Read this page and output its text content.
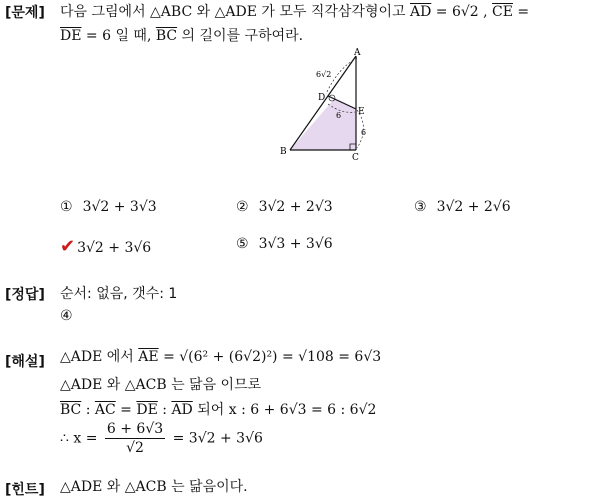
[문제] 다음 그림에서 △ABC 와 △ADE 가 모두 직각삼각형이고 $\overline{AD} = 6√2$ , $\overline{CE}$ =
$\overline{DE} = 6$ 일 때, $\overline{BC}$ 의 길이를 구하여라.
A
B
C
D
E
6√2
6
6
① 3√2 + 3√3	② 3√2 + 2√3	③ 3√2 + 2√6
✔ 3√2 + 3√6	⑤ 3√3 + 3√6
[정답] 순서: 없음, 갯수: 1
④
[해설] △ADE 에서 $\overline{AE} = √(6^2 + (6√2)^2) = √108 = 6√3$
△ADE 와 △ACB 는 닮음 이므로
$\overline{BC}$ : $\overline{AC} = \overline{DE}$ : $\overline{AD}$ 되어 x : 6 + 6√3 = 6 : 6√2
∴ $x = \frac{6 + 6√3}{√2} = 3√2 + 3√6$
[힌트] △ADE 와 △ACB 는 닮음이다.
